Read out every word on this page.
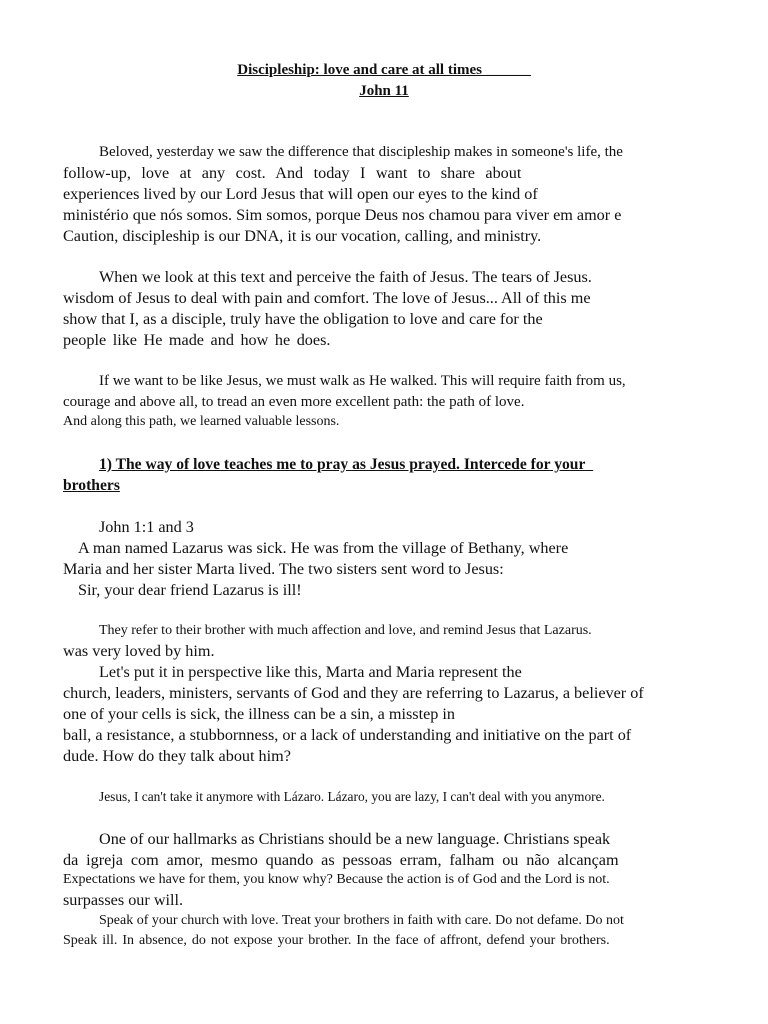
Discipleship: love and care at all times ______
John 11
Beloved, yesterday we saw the difference that discipleship makes in someone's life, the
follow-up, love at any cost. And today I want to share about
experiences lived by our Lord Jesus that will open our eyes to the kind of
ministério que nós somos. Sim somos, porque Deus nos chamou para viver em amor e
Caution, discipleship is our DNA, it is our vocation, calling, and ministry.
When we look at this text and perceive the faith of Jesus. The tears of Jesus.
wisdom of Jesus to deal with pain and comfort. The love of Jesus... All of this me
show that I, as a disciple, truly have the obligation to love and care for the
people like He made and how he does.
If we want to be like Jesus, we must walk as He walked. This will require faith from us,
courage and above all, to tread an even more excellent path: the path of love.
And along this path, we learned valuable lessons.
1) The way of love teaches me to pray as Jesus prayed. Intercede for your
brothers
John 1:1 and 3
A man named Lazarus was sick. He was from the village of Bethany, where
Maria and her sister Marta lived. The two sisters sent word to Jesus:
Sir, your dear friend Lazarus is ill!
They refer to their brother with much affection and love, and remind Jesus that Lazarus.
was very loved by him.
Let's put it in perspective like this, Marta and Maria represent the
church, leaders, ministers, servants of God and they are referring to Lazarus, a believer of
one of your cells is sick, the illness can be a sin, a misstep in
ball, a resistance, a stubbornness, or a lack of understanding and initiative on the part of
dude. How do they talk about him?
Jesus, I can't take it anymore with Lázaro. Lázaro, you are lazy, I can't deal with you anymore.
One of our hallmarks as Christians should be a new language. Christians speak
da igreja com amor, mesmo quando as pessoas erram, falham ou não alcançam
Expectations we have for them, you know why? Because the action is of God and the Lord is not.
surpasses our will.
Speak of your church with love. Treat your brothers in faith with care. Do not defame. Do not
Speak ill. In absence, do not expose your brother. In the face of affront, defend your brothers.
